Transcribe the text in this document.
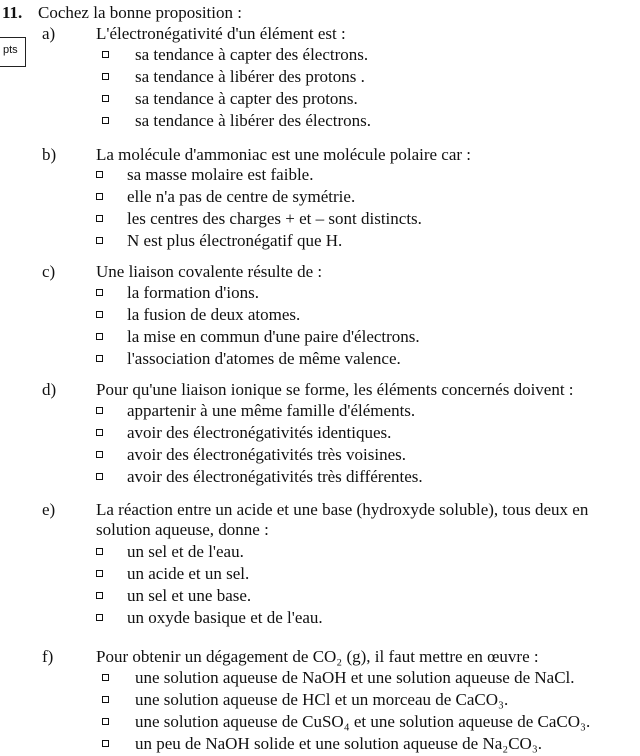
11. Cochez la bonne proposition :
pts
a) L'électronégativité d'un élément est :
sa tendance à capter des électrons.
sa tendance à libérer des protons .
sa tendance à capter des protons.
sa tendance à libérer des électrons.
b) La molécule d'ammoniac est une molécule polaire car :
sa masse molaire est faible.
elle n'a pas de centre de symétrie.
les centres des charges + et – sont distincts.
N est plus électronégatif que H.
c) Une liaison covalente résulte de :
la formation d'ions.
la fusion de deux atomes.
la mise en commun d'une paire d'électrons.
l'association d'atomes de même valence.
d) Pour qu'une liaison ionique se forme, les éléments concernés doivent :
appartenir à une même famille d'éléments.
avoir des électronégativités identiques.
avoir des électronégativités très voisines.
avoir des électronégativités très différentes.
e) La réaction entre un acide et une base (hydroxyde soluble), tous deux en solution aqueuse, donne :
un sel et de l'eau.
un acide et un sel.
un sel et une base.
un oxyde basique et de l'eau.
f)	Pour obtenir un dégagement de CO₂ (g), il faut mettre en œuvre :
une solution aqueuse de NaOH et une solution aqueuse de NaCl.
une solution aqueuse de HCl et un morceau de CaCO₃.
une solution aqueuse de CuSO₄ et une solution aqueuse de CaCO₃.
un peu de NaOH solide et une solution aqueuse de Na₂CO₃.
